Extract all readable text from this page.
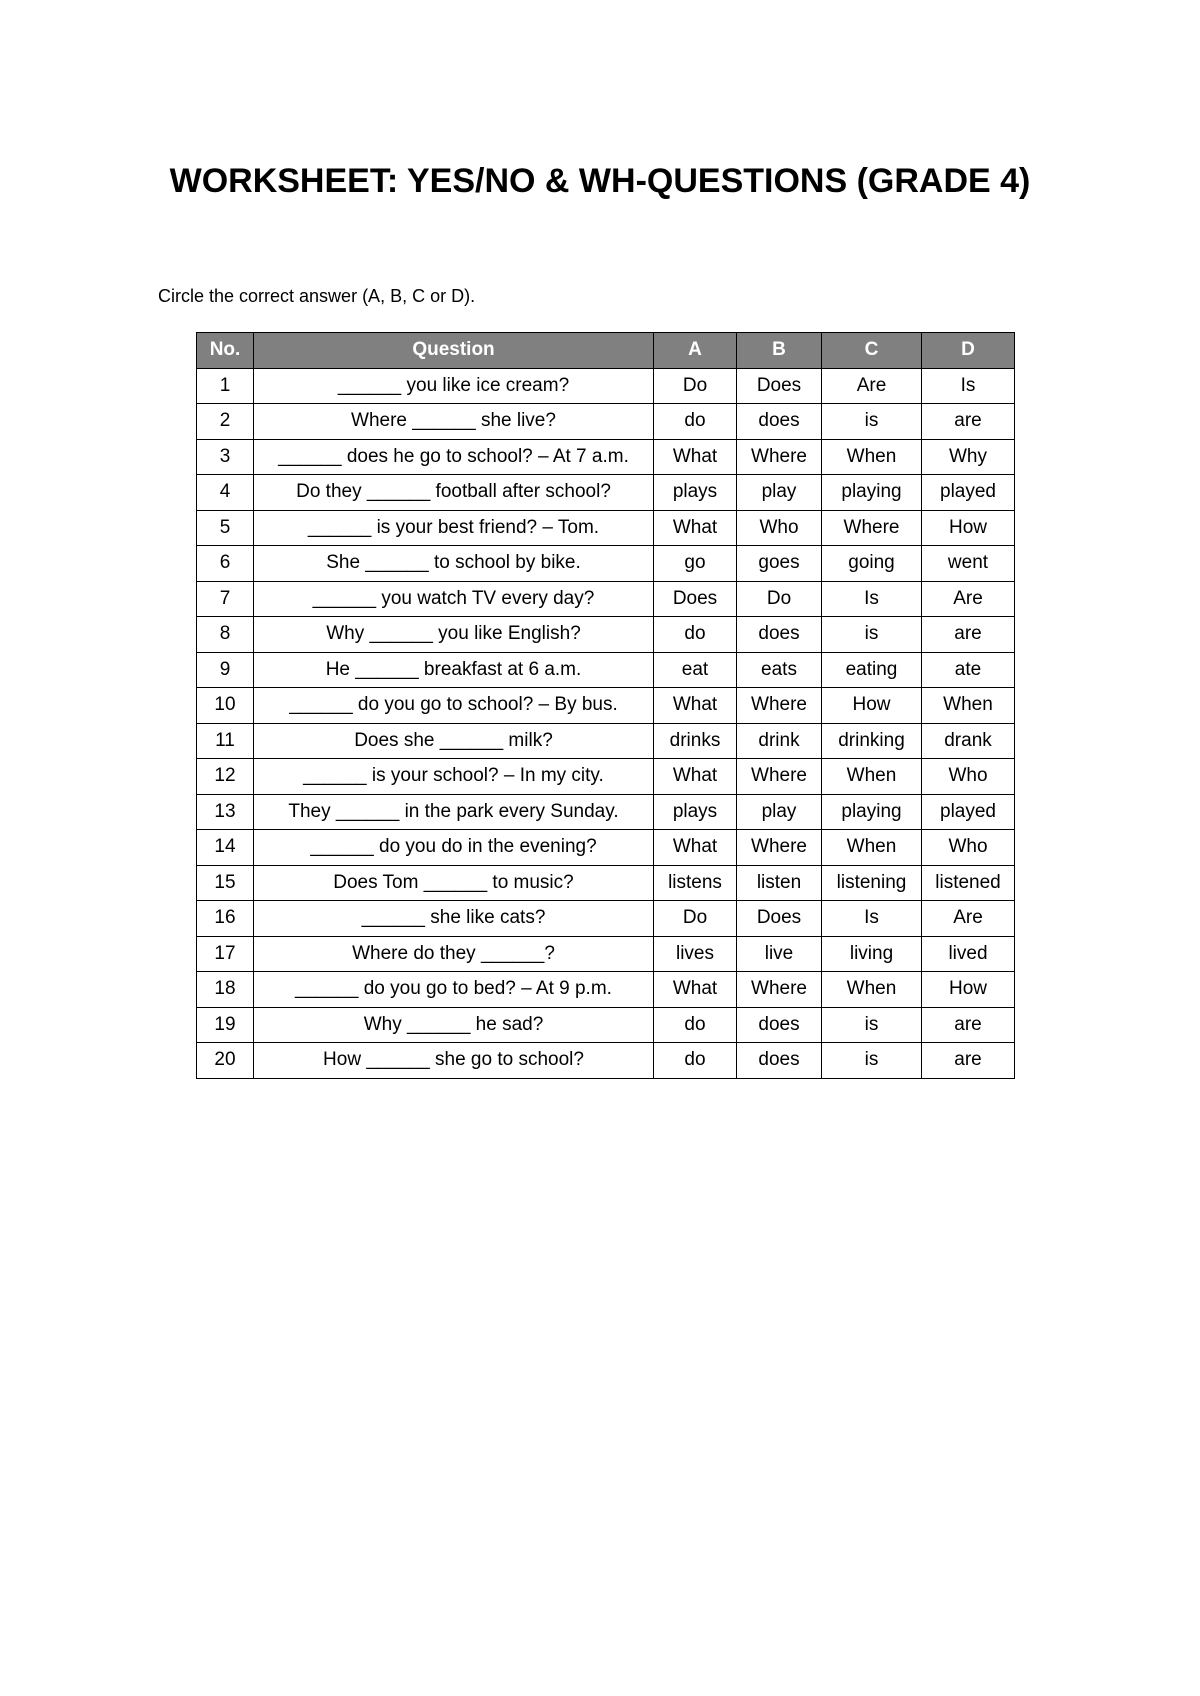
WORKSHEET: YES/NO & WH-QUESTIONS (GRADE 4)

Circle the correct answer (A, B, C or D).

No.	Question	A	B	C	D
1	______ you like ice cream?	Do	Does	Are	Is
2	Where ______ she live?	do	does	is	are
3	______ does he go to school? – At 7 a.m.	What	Where	When	Why
4	Do they ______ football after school?	plays	play	playing	played
5	______ is your best friend? – Tom.	What	Who	Where	How
6	She ______ to school by bike.	go	goes	going	went
7	______ you watch TV every day?	Does	Do	Is	Are
8	Why ______ you like English?	do	does	is	are
9	He ______ breakfast at 6 a.m.	eat	eats	eating	ate
10	______ do you go to school? – By bus.	What	Where	How	When
11	Does she ______ milk?	drinks	drink	drinking	drank
12	______ is your school? – In my city.	What	Where	When	Who
13	They ______ in the park every Sunday.	plays	play	playing	played
14	______ do you do in the evening?	What	Where	When	Who
15	Does Tom ______ to music?	listens	listen	listening	listened
16	______ she like cats?	Do	Does	Is	Are
17	Where do they ______?	lives	live	living	lived
18	______ do you go to bed? – At 9 p.m.	What	Where	When	How
19	Why ______ he sad?	do	does	is	are
20	How ______ she go to school?	do	does	is	are
